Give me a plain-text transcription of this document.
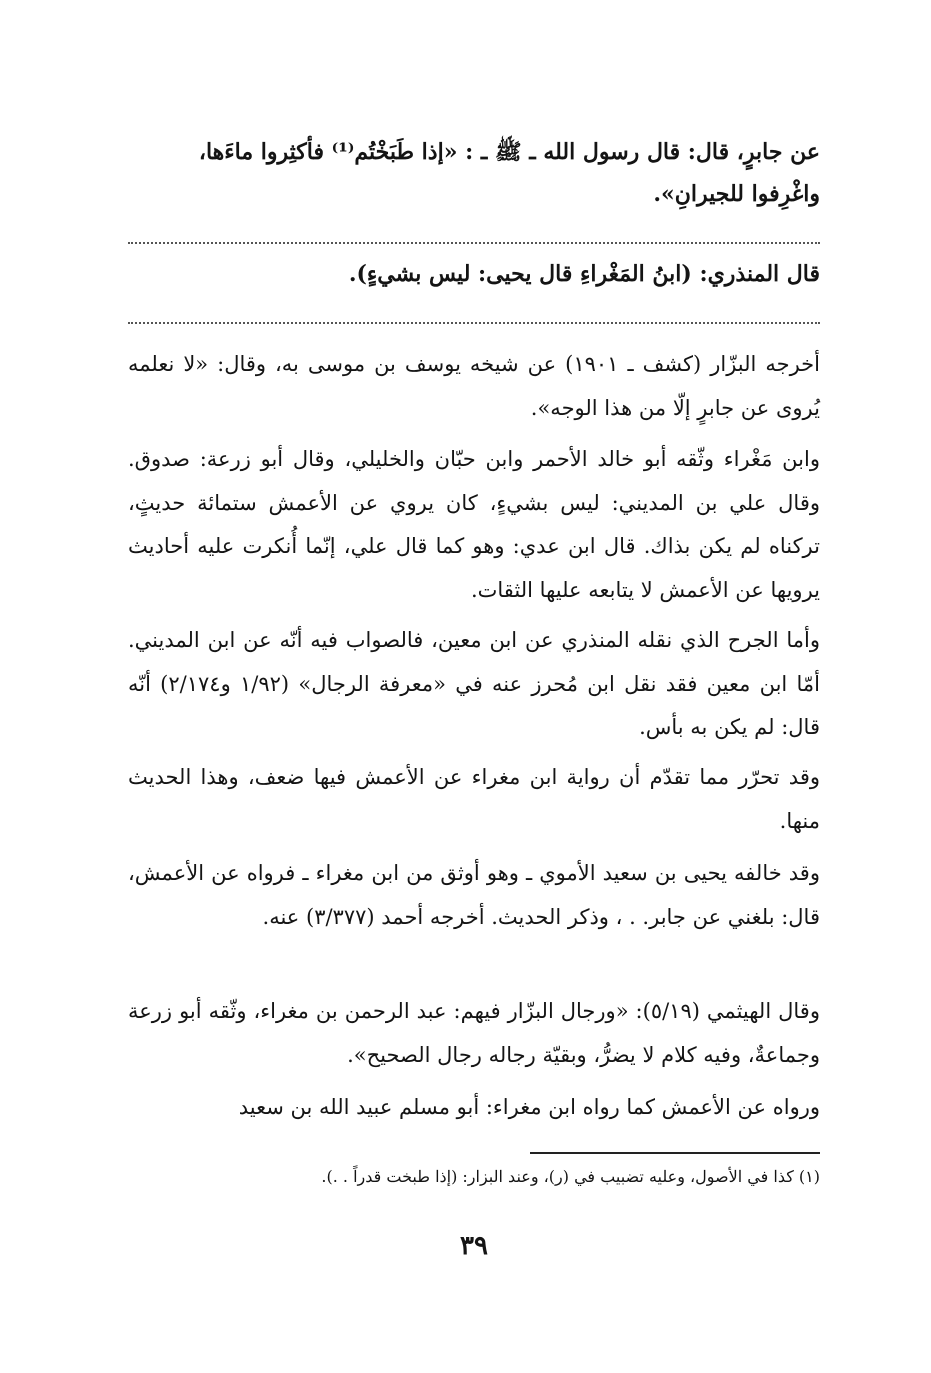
عن جابرٍ، قال: قال رسول الله ـ ﷺ ـ : «إذا طَبَخْتُم⁽¹⁾ فأكثِروا ماءَها،
واغْرِفوا للجيرانِ».
قال المنذري: (ابنُ المَغْراءِ قال يحيى: ليس بشيءٍ).
أخرجه البزّار (كشف ـ ١٩٠١) عن شيخه يوسف بن موسى به، وقال: «لا نعلمه يُروى عن جابرٍ إلّا من هذا الوجه».
وابن مَغْراء وثّقه أبو خالد الأحمر وابن حبّان والخليلي، وقال أبو زرعة: صدوق. وقال علي بن المديني: ليس بشيءٍ، كان يروي عن الأعمش ستمائة حديثٍ، تركناه لم يكن بذاك. قال ابن عدي: وهو كما قال علي، إنّما أُنكرت عليه أحاديث يرويها عن الأعمش لا يتابعه عليها الثقات.
وأما الجرح الذي نقله المنذري عن ابن معين، فالصواب فيه أنّه عن ابن المديني. أمّا ابن معين فقد نقل ابن مُحرز عنه في «معرفة الرجال» (١/٩٢ و٢/١٧٤) أنّه قال: لم يكن به بأس.
وقد تحرّر مما تقدّم أن رواية ابن مغراء عن الأعمش فيها ضعف، وهذا الحديث منها.
وقد خالفه يحيى بن سعيد الأموي ـ وهو أوثق من ابن مغراء ـ فرواه عن الأعمش، قال: بلغني عن جابر. . ، وذكر الحديث. أخرجه أحمد (٣/٣٧٧) عنه.
وقال الهيثمي (٥/١٩): «ورجال البزّار فيهم: عبد الرحمن بن مغراء، وثّقه أبو زرعة وجماعةٌ، وفيه كلام لا يضرُّ، وبقيّة رجاله رجال الصحيح».
ورواه عن الأعمش كما رواه ابن مغراء: أبو مسلم عبيد الله بن سعيد
(١) كذا في الأصول، وعليه تضبيب في (ر)، وعند البزار: (إذا طبخت قدراً . .).
٣٩
